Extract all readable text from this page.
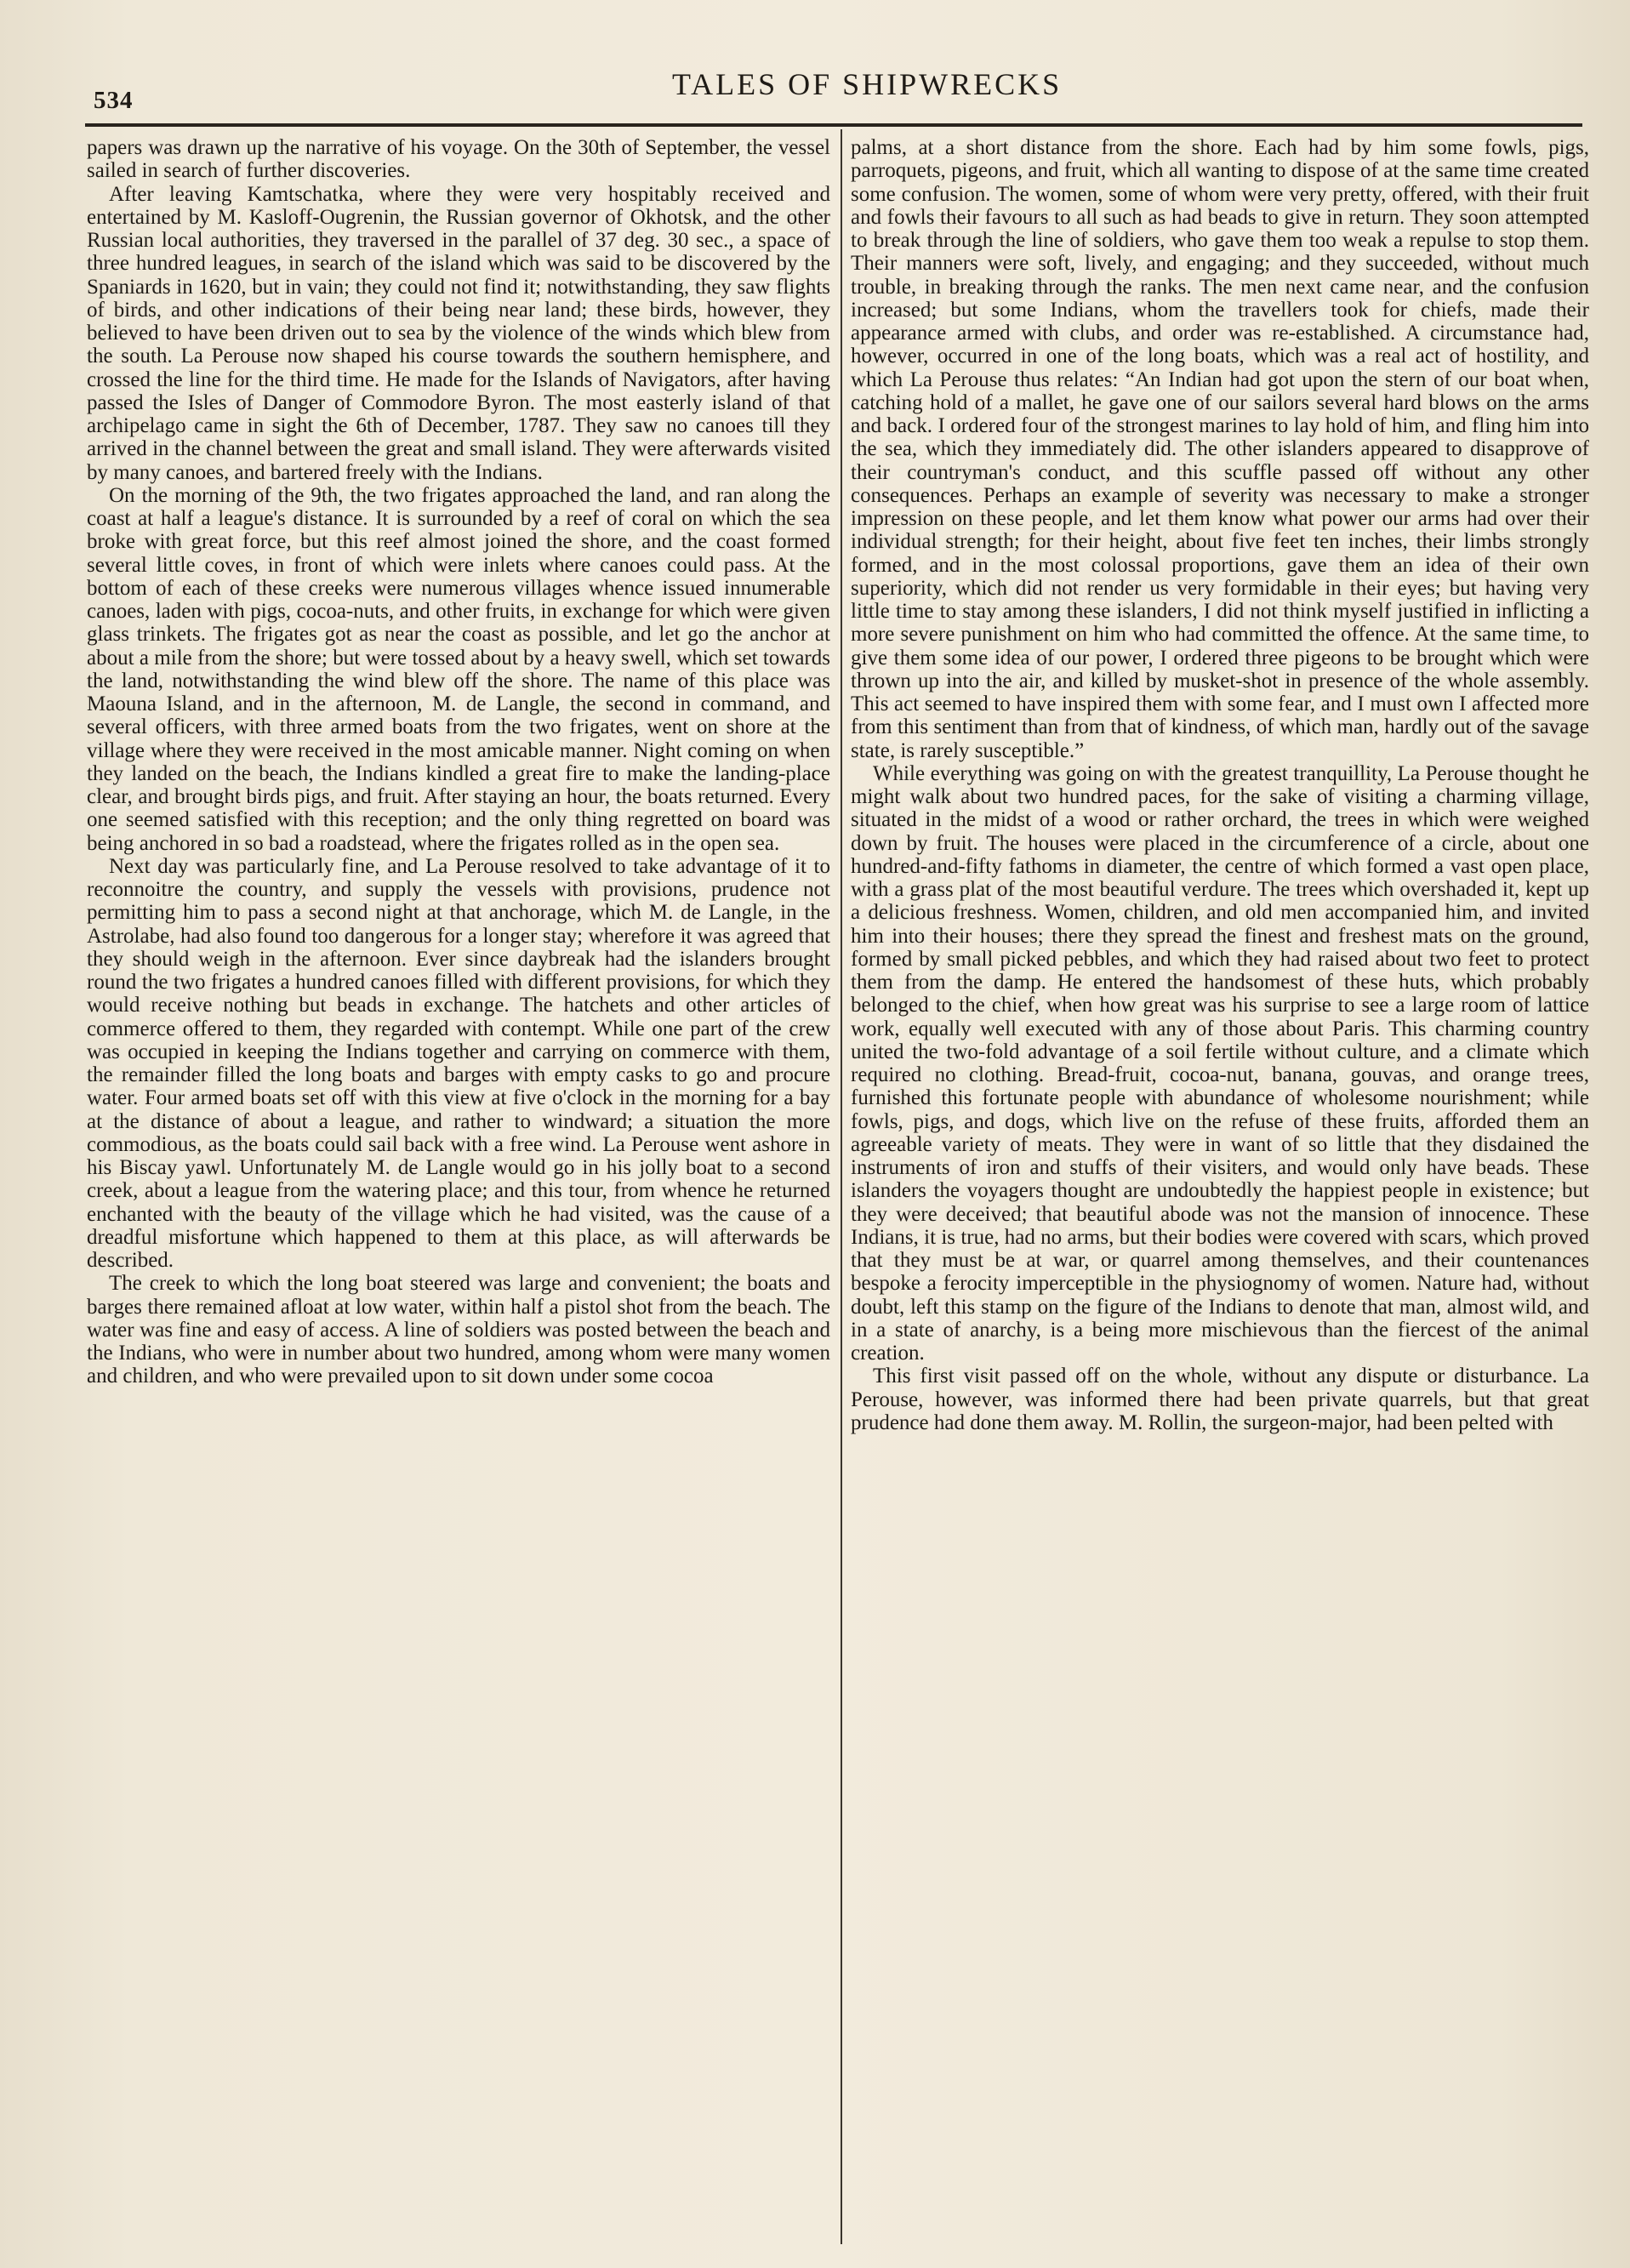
534	TALES OF SHIPWRECKS

papers was drawn up the narrative of his voyage. On the 30th of September, the vessel sailed in search of further discoveries.

After leaving Kamtschatka, where they were very hospitably received and entertained by M. Kasloff-Ougrenin, the Russian governor of Okhotsk, and the other Russian local authorities, they traversed in the parallel of 37 deg. 30 sec., a space of three hundred leagues, in search of the island which was said to be discovered by the Spaniards in 1620, but in vain; they could not find it; notwithstanding, they saw flights of birds, and other indications of their being near land; these birds, however, they believed to have been driven out to sea by the violence of the winds which blew from the south. La Perouse now shaped his course towards the southern hemisphere, and crossed the line for the third time. He made for the Islands of Navigators, after having passed the Isles of Danger of Commodore Byron. The most easterly island of that archipelago came in sight the 6th of December, 1787. They saw no canoes till they arrived in the channel between the great and small island. They were afterwards visited by many canoes, and bartered freely with the Indians.

On the morning of the 9th, the two frigates approached the land, and ran along the coast at half a league's distance. It is surrounded by a reef of coral on which the sea broke with great force, but this reef almost joined the shore, and the coast formed several little coves, in front of which were inlets where canoes could pass. At the bottom of each of these creeks were numerous villages whence issued innumerable canoes, laden with pigs, cocoa-nuts, and other fruits, in exchange for which were given glass trinkets. The frigates got as near the coast as possible, and let go the anchor at about a mile from the shore; but were tossed about by a heavy swell, which set towards the land, notwithstanding the wind blew off the shore. The name of this place was Maouna Island, and in the afternoon, M. de Langle, the second in command, and several officers, with three armed boats from the two frigates, went on shore at the village where they were received in the most amicable manner. Night coming on when they landed on the beach, the Indians kindled a great fire to make the landing-place clear, and brought birds pigs, and fruit. After staying an hour, the boats returned. Every one seemed satisfied with this reception; and the only thing regretted on board was being anchored in so bad a roadstead, where the frigates rolled as in the open sea.

Next day was particularly fine, and La Perouse resolved to take advantage of it to reconnoitre the country, and supply the vessels with provisions, prudence not permitting him to pass a second night at that anchorage, which M. de Langle, in the Astrolabe, had also found too dangerous for a longer stay; wherefore it was agreed that they should weigh in the afternoon. Ever since daybreak had the islanders brought round the two frigates a hundred canoes filled with different provisions, for which they would receive nothing but beads in exchange. The hatchets and other articles of commerce offered to them, they regarded with contempt. While one part of the crew was occupied in keeping the Indians together and carrying on commerce with them, the remainder filled the long boats and barges with empty casks to go and procure water. Four armed boats set off with this view at five o'clock in the morning for a bay at the distance of about a league, and rather to windward; a situation the more commodious, as the boats could sail back with a free wind. La Perouse went ashore in his Biscay yawl. Unfortunately M. de Langle would go in his jolly boat to a second creek, about a league from the watering place; and this tour, from whence he returned enchanted with the beauty of the village which he had visited, was the cause of a dreadful misfortune which happened to them at this place, as will afterwards be described.

The creek to which the long boat steered was large and convenient; the boats and barges there remained afloat at low water, within half a pistol shot from the beach. The water was fine and easy of access. A line of soldiers was posted between the beach and the Indians, who were in number about two hundred, among whom were many women and children, and who were prevailed upon to sit down under some cocoa

palms, at a short distance from the shore. Each had by him some fowls, pigs, parroquets, pigeons, and fruit, which all wanting to dispose of at the same time created some confusion. The women, some of whom were very pretty, offered, with their fruit and fowls their favours to all such as had beads to give in return. They soon attempted to break through the line of soldiers, who gave them too weak a repulse to stop them. Their manners were soft, lively, and engaging; and they succeeded, without much trouble, in breaking through the ranks. The men next came near, and the confusion increased; but some Indians, whom the travellers took for chiefs, made their appearance armed with clubs, and order was re-established. A circumstance had, however, occurred in one of the long boats, which was a real act of hostility, and which La Perouse thus relates: “An Indian had got upon the stern of our boat when, catching hold of a mallet, he gave one of our sailors several hard blows on the arms and back. I ordered four of the strongest marines to lay hold of him, and fling him into the sea, which they immediately did. The other islanders appeared to disapprove of their countryman's conduct, and this scuffle passed off without any other consequences. Perhaps an example of severity was necessary to make a stronger impression on these people, and let them know what power our arms had over their individual strength; for their height, about five feet ten inches, their limbs strongly formed, and in the most colossal proportions, gave them an idea of their own superiority, which did not render us very formidable in their eyes; but having very little time to stay among these islanders, I did not think myself justified in inflicting a more severe punishment on him who had committed the offence. At the same time, to give them some idea of our power, I ordered three pigeons to be brought which were thrown up into the air, and killed by musket-shot in presence of the whole assembly. This act seemed to have inspired them with some fear, and I must own I affected more from this sentiment than from that of kindness, of which man, hardly out of the savage state, is rarely susceptible.”

While everything was going on with the greatest tranquillity, La Perouse thought he might walk about two hundred paces, for the sake of visiting a charming village, situated in the midst of a wood or rather orchard, the trees in which were weighed down by fruit. The houses were placed in the circumference of a circle, about one hundred-and-fifty fathoms in diameter, the centre of which formed a vast open place, with a grass plat of the most beautiful verdure. The trees which overshaded it, kept up a delicious freshness. Women, children, and old men accompanied him, and invited him into their houses; there they spread the finest and freshest mats on the ground, formed by small picked pebbles, and which they had raised about two feet to protect them from the damp. He entered the handsomest of these huts, which probably belonged to the chief, when how great was his surprise to see a large room of lattice work, equally well executed with any of those about Paris. This charming country united the two-fold advantage of a soil fertile without culture, and a climate which required no clothing. Bread-fruit, cocoa-nut, banana, gouvas, and orange trees, furnished this fortunate people with abundance of wholesome nourishment; while fowls, pigs, and dogs, which live on the refuse of these fruits, afforded them an agreeable variety of meats. They were in want of so little that they disdained the instruments of iron and stuffs of their visiters, and would only have beads. These islanders the voyagers thought are undoubtedly the happiest people in existence; but they were deceived; that beautiful abode was not the mansion of innocence. These Indians, it is true, had no arms, but their bodies were covered with scars, which proved that they must be at war, or quarrel among themselves, and their countenances bespoke a ferocity imperceptible in the physiognomy of women. Nature had, without doubt, left this stamp on the figure of the Indians to denote that man, almost wild, and in a state of anarchy, is a being more mischievous than the fiercest of the animal creation.

This first visit passed off on the whole, without any dispute or disturbance. La Perouse, however, was informed there had been private quarrels, but that great prudence had done them away. M. Rollin, the surgeon-major, had been pelted with
